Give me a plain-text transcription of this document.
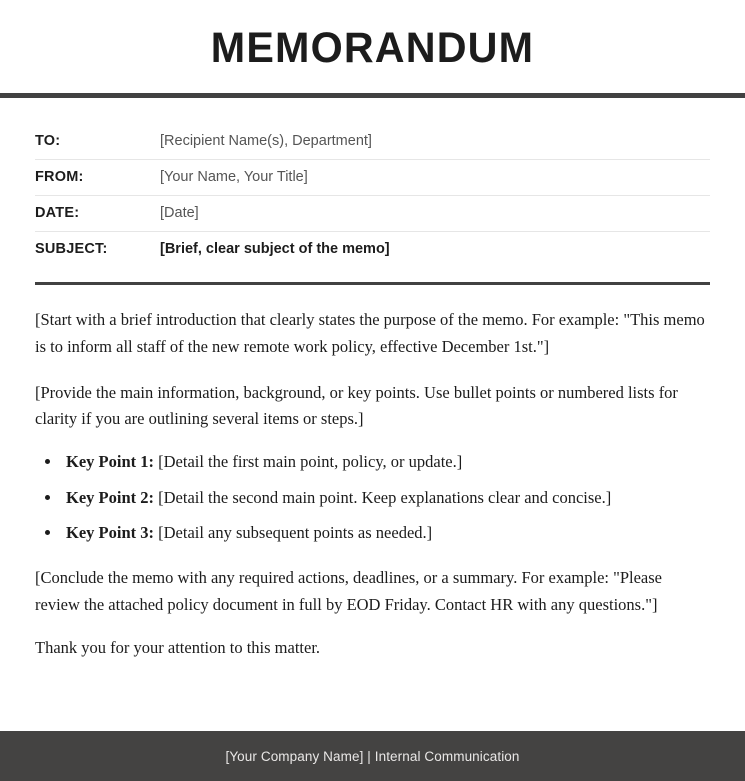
MEMORANDUM
TO:	[Recipient Name(s), Department]
FROM:	[Your Name, Your Title]
DATE:	[Date]
SUBJECT:	[Brief, clear subject of the memo]

[Start with a brief introduction that clearly states the purpose of the memo. For example: "This memo is to inform all staff of the new remote work policy, effective December 1st."]

[Provide the main information, background, or key points. Use bullet points or numbered lists for clarity if you are outlining several items or steps.]

• Key Point 1: [Detail the first main point, policy, or update.]
• Key Point 2: [Detail the second main point. Keep explanations clear and concise.]
• Key Point 3: [Detail any subsequent points as needed.]

[Conclude the memo with any required actions, deadlines, or a summary. For example: "Please review the attached policy document in full by EOD Friday. Contact HR with any questions."]

Thank you for your attention to this matter.

[Your Company Name] | Internal Communication
